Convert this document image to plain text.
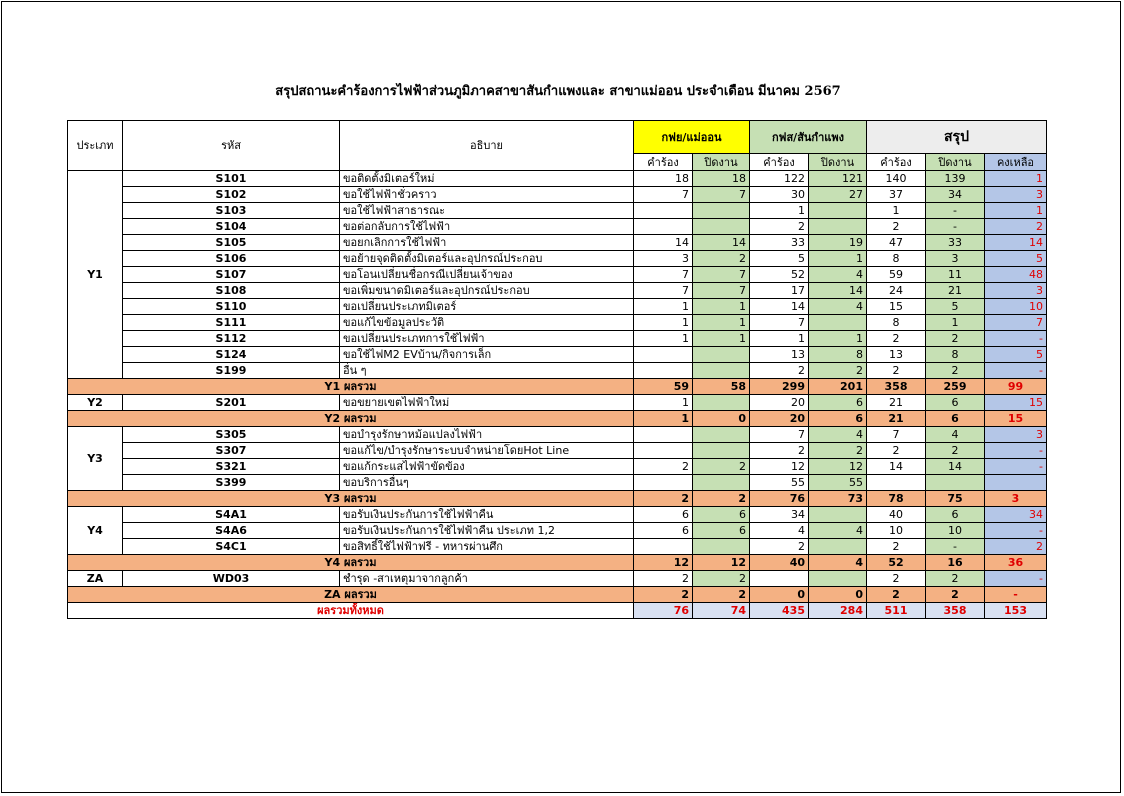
สรุปสถานะคำร้องการไฟฟ้าส่วนภูมิภาคสาขาสันกำแพงและ สาขาแม่ออน ประจำเดือน มีนาคม 2567
ประเภท	รหัส	อธิบาย	กฟย/แม่ออน		กฟส/สันกำแพง		สรุป		
			คำร้อง	ปิดงาน	คำร้อง	ปิดงาน	คำร้อง	ปิดงาน	คงเหลือ
Y1	S101	ขอติดตั้งมิเตอร์ใหม่	18	18	122	121	140	139	1
	S102	ขอใช้ไฟฟ้าชั่วคราว	7	7	30	27	37	34	3
	S103	ขอใช้ไฟฟ้าสาธารณะ			1		1	-	1
	S104	ขอต่อกลับการใช้ไฟฟ้า			2		2	-	2
	S105	ขอยกเลิกการใช้ไฟฟ้า	14	14	33	19	47	33	14
	S106	ขอย้ายจุดติดตั้งมิเตอร์และอุปกรณ์ประกอบ	3	2	5	1	8	3	5
	S107	ขอโอนเปลี่ยนชื่อกรณีเปลี่ยนเจ้าของ	7	7	52	4	59	11	48
	S108	ขอเพิ่มขนาดมิเตอร์และอุปกรณ์ประกอบ	7	7	17	14	24	21	3
	S110	ขอเปลี่ยนประเภทมิเตอร์	1	1	14	4	15	5	10
	S111	ขอแก้ไขข้อมูลประวัติ	1	1	7		8	1	7
	S112	ขอเปลี่ยนประเภทการใช้ไฟฟ้า	1	1	1	1	2	2	-
	S124	ขอใช้ไฟM2 EVบ้าน/กิจการเล็ก			13	8	13	8	5
	S199	อื่น ๆ			2	2	2	2	-
Y1 ผลรวม			59	58	299	201	358	259	99
Y2	S201	ขอขยายเขตไฟฟ้าใหม่	1		20	6	21	6	15
Y2 ผลรวม			1	0	20	6	21	6	15
Y3	S305	ขอบำรุงรักษาหม้อแปลงไฟฟ้า			7	4	7	4	3
	S307	ขอแก้ไข/บำรุงรักษาระบบจำหน่ายโดยHot Line			2	2	2	2	-
	S321	ขอแก้กระแสไฟฟ้าขัดข้อง	2	2	12	12	14	14	-
	S399	ขอบริการอื่นๆ			55	55			
Y3 ผลรวม			2	2	76	73	78	75	3
Y4	S4A1	ขอรับเงินประกันการใช้ไฟฟ้าคืน	6	6	34		40	6	34
	S4A6	ขอรับเงินประกันการใช้ไฟฟ้าคืน ประเภท 1,2	6	6	4	4	10	10	-
	S4C1	ขอสิทธิ์ใช้ไฟฟ้าฟรี - ทหารผ่านศึก			2		2	-	2
Y4 ผลรวม			12	12	40	4	52	16	36
ZA	WD03	ชำรุด -สาเหตุมาจากลูกค้า	2	2			2	2	-
ZA ผลรวม			2	2	0	0	2	2	-
ผลรวมทั้งหมด			76	74	435	284	511	358	153
